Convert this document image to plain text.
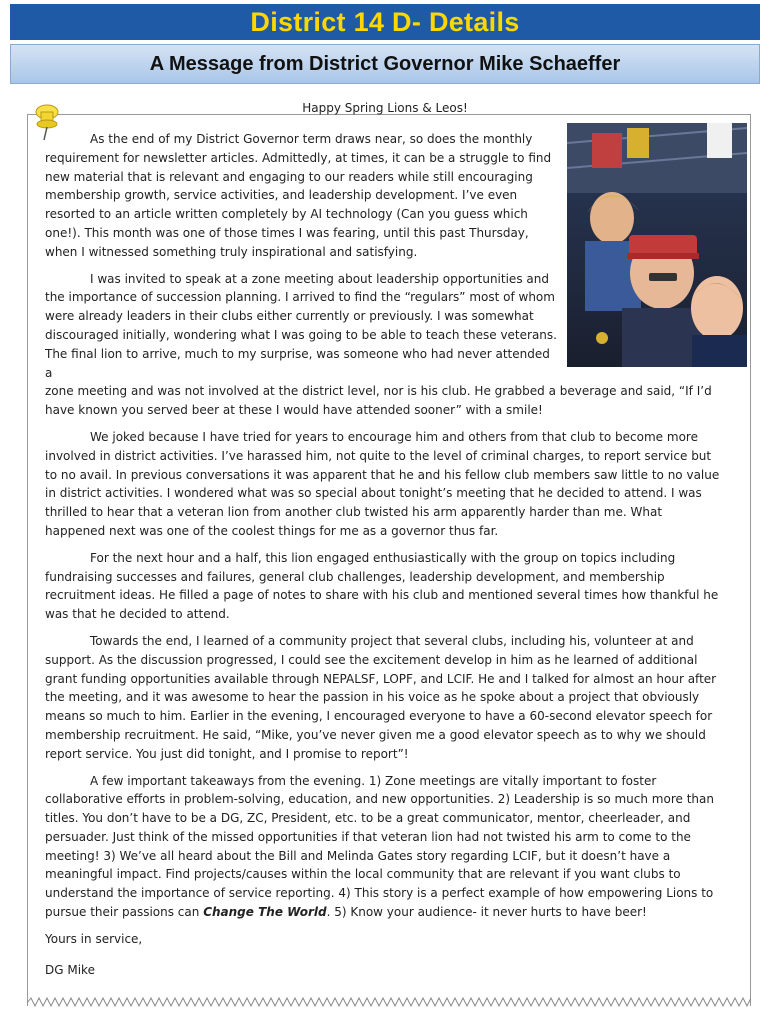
District 14 D- Details
A Message from District Governor Mike Schaeffer
Happy Spring Lions & Leos!

As the end of my District Governor term draws near, so does the monthly requirement for newsletter articles. Admittedly, at times, it can be a struggle to find new material that is relevant and engaging to our readers while still encouraging membership growth, service activities, and leadership development. I’ve even resorted to an article written completely by AI technology (Can you guess which one!). This month was one of those times I was fearing, until this past Thursday, when I witnessed something truly inspirational and satisfying.

I was invited to speak at a zone meeting about leadership opportunities and the importance of succession planning. I arrived to find the “regulars” most of whom were already leaders in their clubs either currently or previously. I was somewhat discouraged initially, wondering what I was going to be able to teach these veterans. The final lion to arrive, much to my surprise, was someone who had never attended a

zone meeting and was not involved at the district level, nor is his club. He grabbed a beverage and said, “If I’d have known you served beer at these I would have attended sooner” with a smile!

We joked because I have tried for years to encourage him and others from that club to become more involved in district activities. I’ve harassed him, not quite to the level of criminal charges, to report service but to no avail. In previous conversations it was apparent that he and his fellow club members saw little to no value in district activities. I wondered what was so special about tonight’s meeting that he decided to attend. I was thrilled to hear that a veteran lion from another club twisted his arm apparently harder than me. What happened next was one of the coolest things for me as a governor thus far.

For the next hour and a half, this lion engaged enthusiastically with the group on topics including fundraising successes and failures, general club challenges, leadership development, and membership recruitment ideas. He filled a page of notes to share with his club and mentioned several times how thankful he was that he decided to attend.

Towards the end, I learned of a community project that several clubs, including his, volunteer at and support. As the discussion progressed, I could see the excitement develop in him as he learned of additional grant funding opportunities available through NEPALSF, LOPF, and LCIF. He and I talked for almost an hour after the meeting, and it was awesome to hear the passion in his voice as he spoke about a project that obviously means so much to him. Earlier in the evening, I encouraged everyone to have a 60-second elevator speech for membership recruitment. He said, “Mike, you’ve never given me a good elevator speech as to why we should report service. You just did tonight, and I promise to report”!

A few important takeaways from the evening. 1) Zone meetings are vitally important to foster collaborative efforts in problem-solving, education, and new opportunities. 2) Leadership is so much more than titles. You don’t have to be a DG, ZC, President, etc. to be a great communicator, mentor, cheerleader, and persuader. Just think of the missed opportunities if that veteran lion had not twisted his arm to come to the meeting! 3) We’ve all heard about the Bill and Melinda Gates story regarding LCIF, but it doesn’t have a meaningful impact. Find projects/causes within the local community that are relevant if you want clubs to understand the importance of service reporting. 4) This story is a perfect example of how empowering Lions to pursue their passions can Change The World. 5) Know your audience- it never hurts to have beer!

Yours in service,

DG Mike
